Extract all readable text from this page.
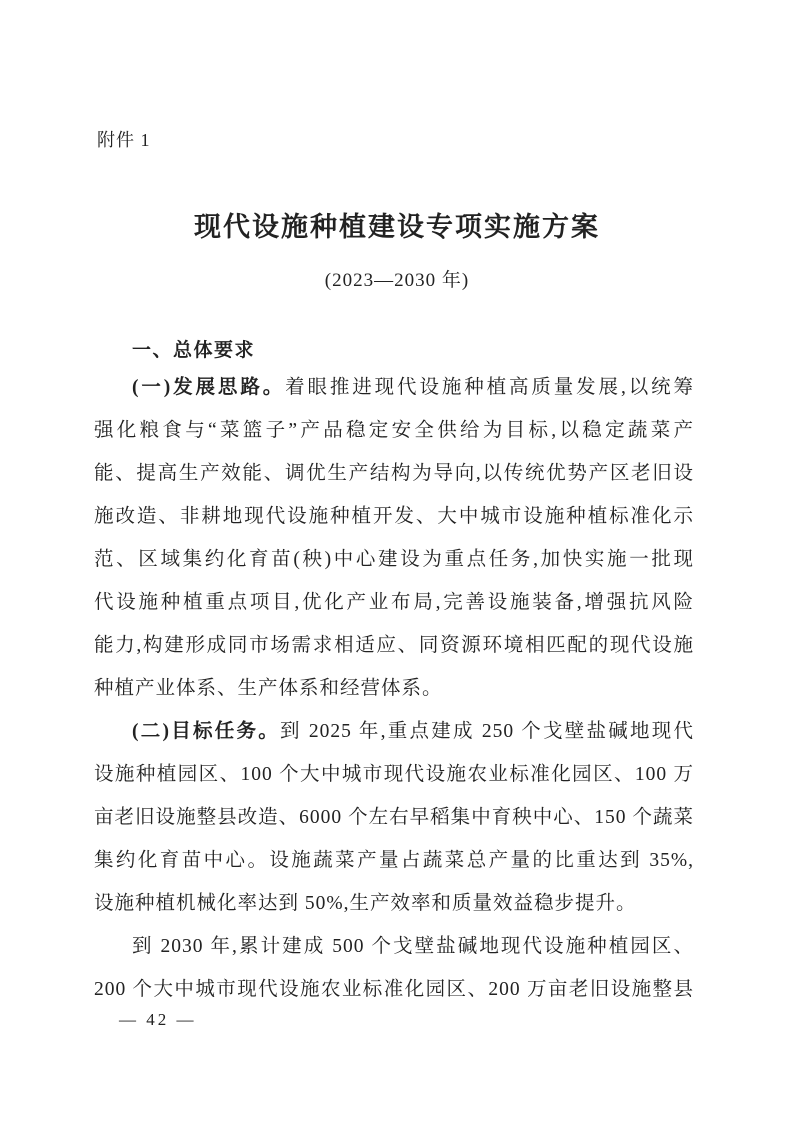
附件 1
现代设施种植建设专项实施方案
(2023—2030 年)
一、总体要求
(一)发展思路。着眼推进现代设施种植高质量发展,以统筹
强化粮食与“菜篮子”产品稳定安全供给为目标,以稳定蔬菜产
能、提高生产效能、调优生产结构为导向,以传统优势产区老旧设
施改造、非耕地现代设施种植开发、大中城市设施种植标准化示
范、区域集约化育苗(秧)中心建设为重点任务,加快实施一批现
代设施种植重点项目,优化产业布局,完善设施装备,增强抗风险
能力,构建形成同市场需求相适应、同资源环境相匹配的现代设施
种植产业体系、生产体系和经营体系。
(二)目标任务。到 2025 年,重点建成 250 个戈壁盐碱地现代
设施种植园区、100 个大中城市现代设施农业标准化园区、100 万
亩老旧设施整县改造、6000 个左右早稻集中育秧中心、150 个蔬菜
集约化育苗中心。设施蔬菜产量占蔬菜总产量的比重达到 35%,
设施种植机械化率达到 50%,生产效率和质量效益稳步提升。
到 2030 年,累计建成 500 个戈壁盐碱地现代设施种植园区、
200 个大中城市现代设施农业标准化园区、200 万亩老旧设施整县
— 42 —
